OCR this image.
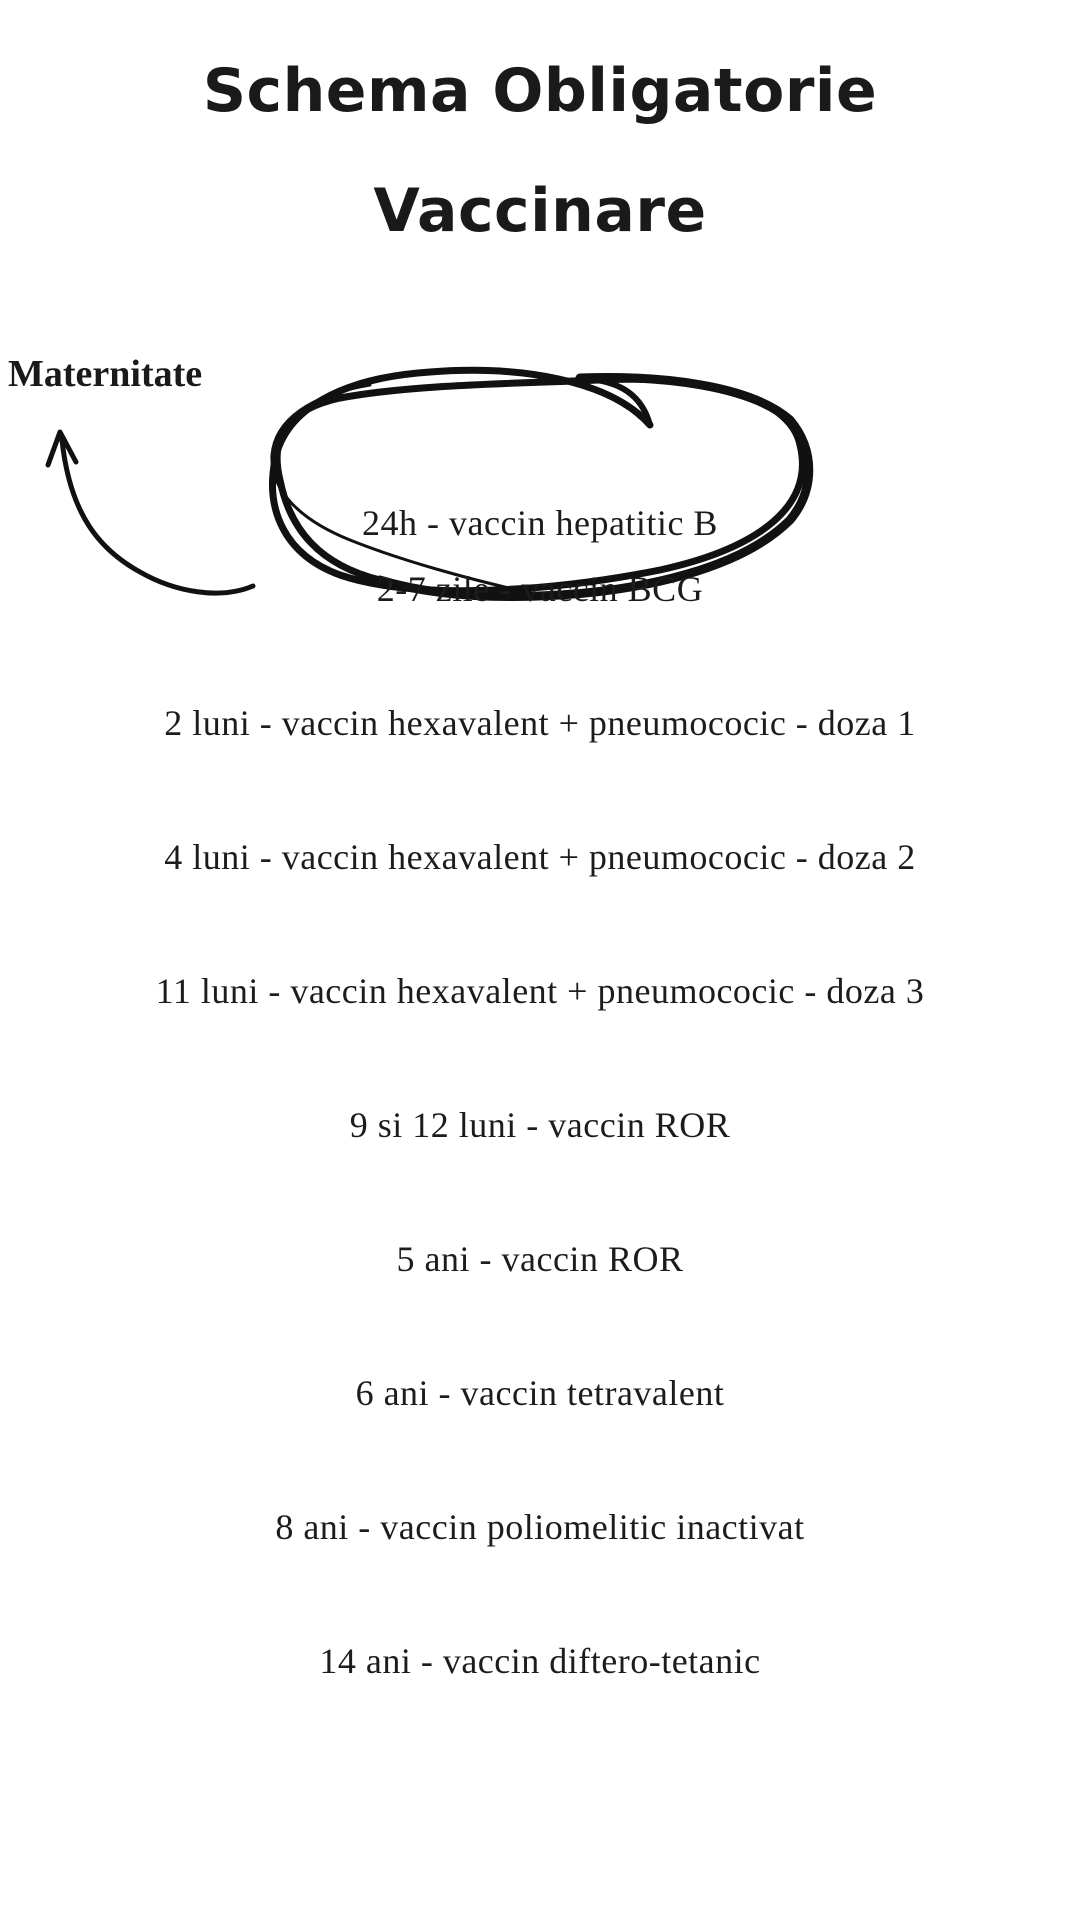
Schema Obligatorie
Vaccinare
Maternitate
24h - vaccin hepatitic B
2-7 zile - vaccin BCG
2 luni - vaccin hexavalent + pneumococic - doza 1
4 luni - vaccin hexavalent + pneumococic - doza 2
11 luni - vaccin hexavalent + pneumococic - doza 3
9 si 12 luni - vaccin ROR
5 ani - vaccin ROR
6 ani - vaccin tetravalent
8 ani - vaccin poliomelitic inactivat
14 ani - vaccin diftero-tetanic
